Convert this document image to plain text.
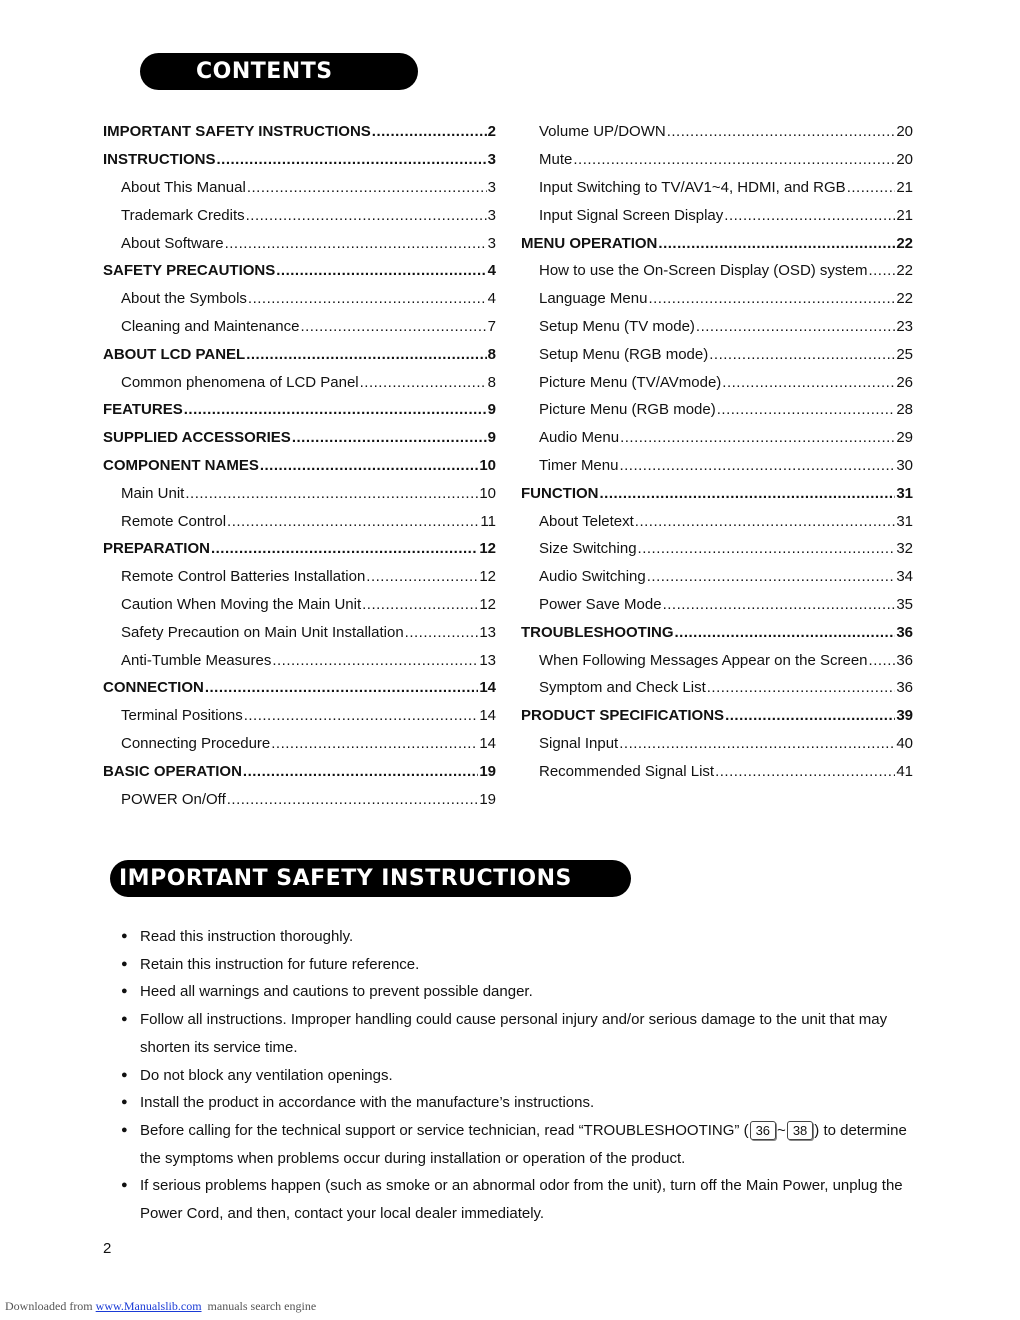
CONTENTS
IMPORTANT SAFETY INSTRUCTIONS .....	2
INSTRUCTIONS .....	3
About This Manual .....	3
Trademark Credits .....	3
About Software .....	3
SAFETY PRECAUTIONS .....	4
About the Symbols .....	4
Cleaning and Maintenance .....	7
ABOUT LCD PANEL .....	8
Common phenomena of LCD Panel .....	8
FEATURES .....	9
SUPPLIED ACCESSORIES .....	9
COMPONENT NAMES .....	10
Main Unit .....	10
Remote Control .....	11
PREPARATION .....	12
Remote Control Batteries Installation .....	12
Caution When Moving the Main Unit .....	12
Safety Precaution on Main Unit Installation .....	13
Anti-Tumble Measures .....	13
CONNECTION .....	14
Terminal Positions .....	14
Connecting Procedure .....	14
BASIC OPERATION .....	19
POWER On/Off .....	19
Volume UP/DOWN .....	20
Mute .....	20
Input Switching to TV/AV1~4, HDMI, and RGB .....	21
Input Signal Screen Display .....	21
MENU OPERATION .....	22
How to use the On-Screen Display (OSD) system ..... 22
Language Menu .....	22
Setup Menu (TV mode) .....	23
Setup Menu (RGB mode) .....	25
Picture Menu (TV/AVmode) .....	26
Picture Menu (RGB mode) .....	28
Audio Menu .....	29
Timer Menu .....	30
FUNCTION .....	31
About Teletext .....	31
Size Switching .....	32
Audio Switching .....	34
Power Save Mode .....	35
TROUBLESHOOTING .....	36
When Following Messages Appear on the Screen ..... 36
Symptom and Check List .....	36
PRODUCT SPECIFICATIONS .....	39
Signal Input .....	40
Recommended Signal List .....	41
IMPORTANT SAFETY INSTRUCTIONS
● Read this instruction thoroughly.
● Retain this instruction for future reference.
● Heed all warnings and cautions to prevent possible danger.
● Follow all instructions. Improper handling could cause personal injury and/or serious damage to the unit that may shorten its service time.
● Do not block any ventilation openings.
● Install the product in accordance with the manufacture’s instructions.
● Before calling for the technical support or service technician, read “TROUBLESHOOTING” ( 36 ~ 38 ) to determine the symptoms when problems occur during installation or operation of the product.
● If serious problems happen (such as smoke or an abnormal odor from the unit), turn off the Main Power, unplug the Power Cord, and then, contact your local dealer immediately.
2
Downloaded from www.Manualslib.com  manuals search engine
